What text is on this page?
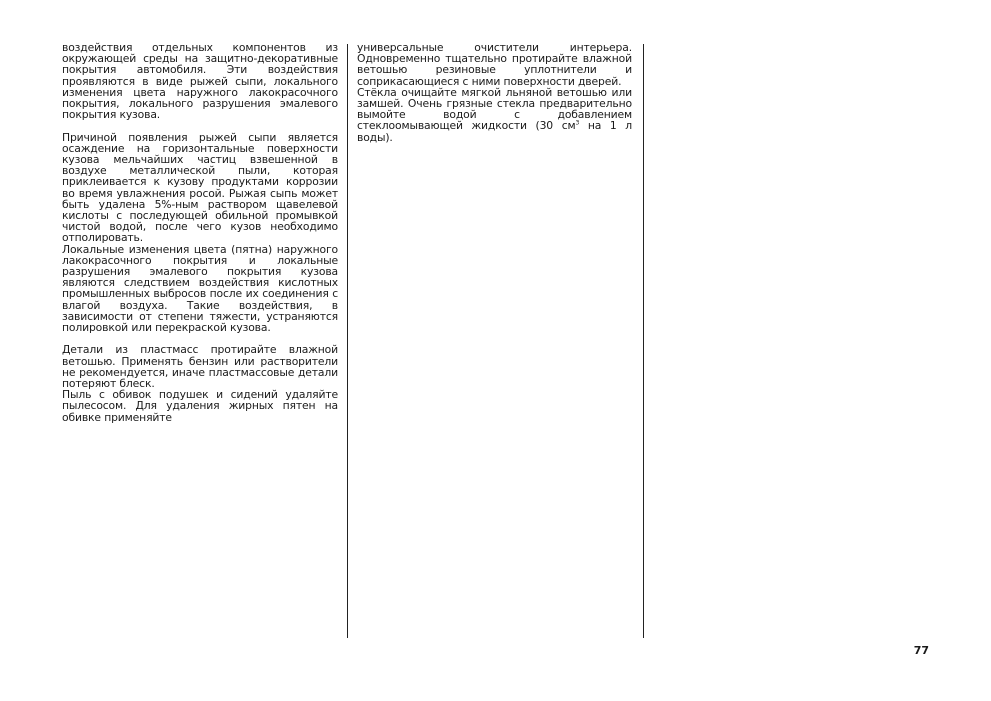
воздействия отдельных компонентов из окружающей среды на защитно-декоративные покрытия автомобиля. Эти воздействия проявляются в виде рыжей сыпи, локального изменения цвета наружного лакокрасочного покрытия, локального разрушения эмалевого покрытия кузова.

Причиной появления рыжей сыпи является осаждение на горизонтальные поверхности кузова мельчайших частиц взвешенной в воздухе металлической пыли, которая приклеивается к кузову продуктами коррозии во время увлажнения росой. Рыжая сыпь может быть удалена 5%-ным раствором щавелевой кислоты с последующей обильной промывкой чистой водой, после чего кузов необходимо отполировать.

Локальные изменения цвета (пятна) наружного лакокрасочного покрытия и локальные разрушения эмалевого покрытия кузова являются следствием воздействия кислотных промышленных выбросов после их соединения с влагой воздуха. Такие воздействия, в зависимости от степени тяжести, устраняются полировкой или перекраской кузова.

Детали из пластмасс протирайте влажной ветошью. Применять бензин или растворители не рекомендуется, иначе пластмассовые детали потеряют блеск.

Пыль с обивок подушек и сидений удаляйте пылесосом. Для удаления жирных пятен на обивке применяйте

универсальные очистители интерьера. Одновременно тщательно протирайте влажной ветошью резиновые уплотнители и соприкасающиеся с ними поверхности дверей.

Стёкла очищайте мягкой льняной ветошью или замшей. Очень грязные стекла предварительно вымойте водой с добавлением стеклоомывающей жидкости (30 $см^3$ на 1 л воды).

77
